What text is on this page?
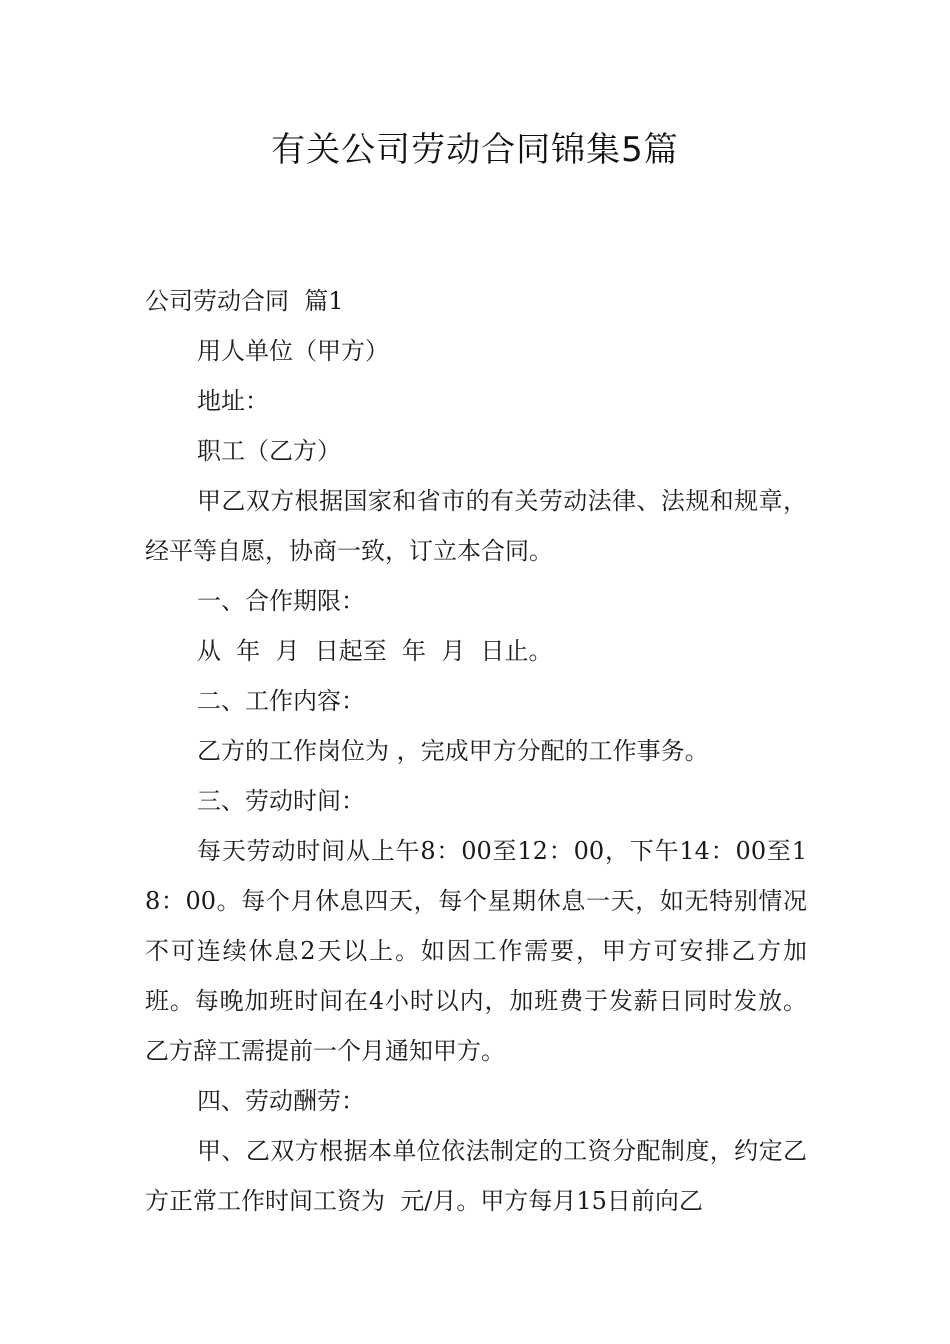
有关公司劳动合同锦集5篇

公司劳动合同  篇1

用人单位（甲方）

地址：

职工（乙方）

甲乙双方根据国家和省市的有关劳动法律、法规和规章，经平等自愿，协商一致，订立本合同。

一、合作期限：

从  年  月  日起至  年  月  日止。

二、工作内容：

乙方的工作岗位为 ，完成甲方分配的工作事务。

三、劳动时间：

每天劳动时间从上午8：00至12：00，下午14：00至18：00。每个月休息四天，每个星期休息一天，如无特别情况不可连续休息2天以上。如因工作需要，甲方可安排乙方加班。每晚加班时间在4小时以内，加班费于发薪日同时发放。  乙方辞工需提前一个月通知甲方。

四、劳动酬劳：

甲、乙双方根据本单位依法制定的工资分配制度，约定乙方正常工作时间工资为  元/月。甲方每月15日前向乙
